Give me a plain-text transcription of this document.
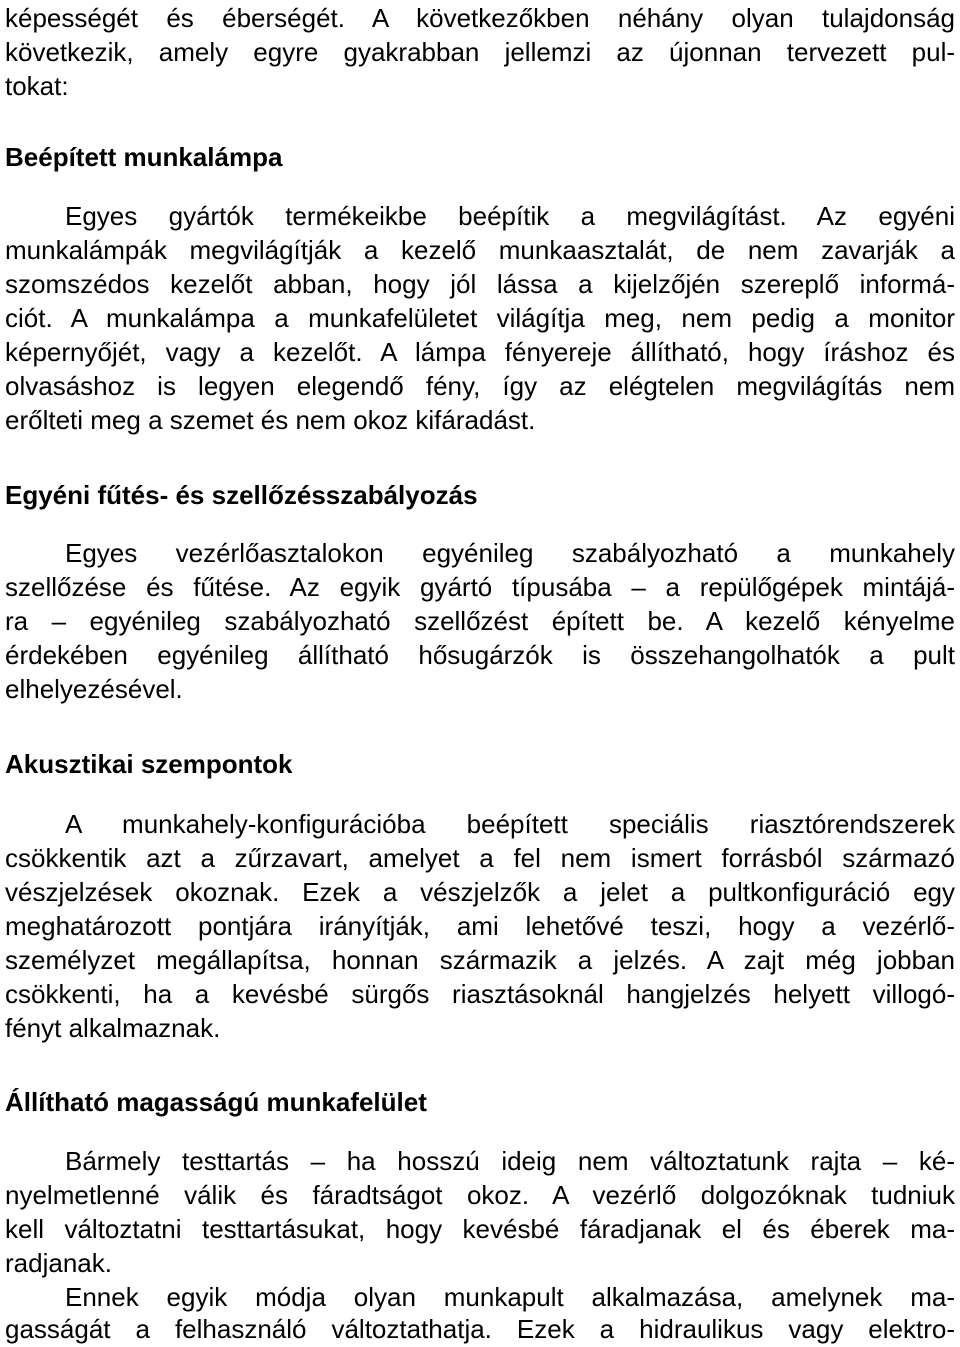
képességét és éberségét. A következőkben néhány olyan tulajdonság
következik, amely egyre gyakrabban jellemzi az újonnan tervezett pul-
tokat:
Beépített munkalámpa
Egyes gyártók termékeikbe beépítik a megvilágítást. Az egyéni
munkalámpák megvilágítják a kezelő munkaasztalát, de nem zavarják a
szomszédos kezelőt abban, hogy jól lássa a kijelzőjén szereplő informá-
ciót. A munkalámpa a munkafelületet világítja meg, nem pedig a monitor
képernyőjét, vagy a kezelőt. A lámpa fényereje állítható, hogy íráshoz és
olvasáshoz is legyen elegendő fény, így az elégtelen megvilágítás nem
erőlteti meg a szemet és nem okoz kifáradást.
Egyéni fűtés- és szellőzésszabályozás
Egyes vezérlőasztalokon egyénileg szabályozható a munkahely
szellőzése és fűtése. Az egyik gyártó típusába – a repülőgépek mintájá-
ra – egyénileg szabályozható szellőzést épített be. A kezelő kényelme
érdekében egyénileg állítható hősugárzók is összehangolhatók a pult
elhelyezésével.
Akusztikai szempontok
A munkahely-konfigurációba beépített speciális riasztórendszerek
csökkentik azt a zűrzavart, amelyet a fel nem ismert forrásból származó
vészjelzések okoznak. Ezek a vészjelzők a jelet a pultkonfiguráció egy
meghatározott pontjára irányítják, ami lehetővé teszi, hogy a vezérlő-
személyzet megállapítsa, honnan származik a jelzés. A zajt még jobban
csökkenti, ha a kevésbé sürgős riasztásoknál hangjelzés helyett villogó-
fényt alkalmaznak.
Állítható magasságú munkafelület
Bármely testtartás – ha hosszú ideig nem változtatunk rajta – ké-
nyelmetlenné válik és fáradtságot okoz. A vezérlő dolgozóknak tudniuk
kell változtatni testtartásukat, hogy kevésbé fáradjanak el és éberek ma-
radjanak.
Ennek egyik módja olyan munkapult alkalmazása, amelynek ma-
gasságát a felhasználó változtathatja. Ezek a hidraulikus vagy elektro-
